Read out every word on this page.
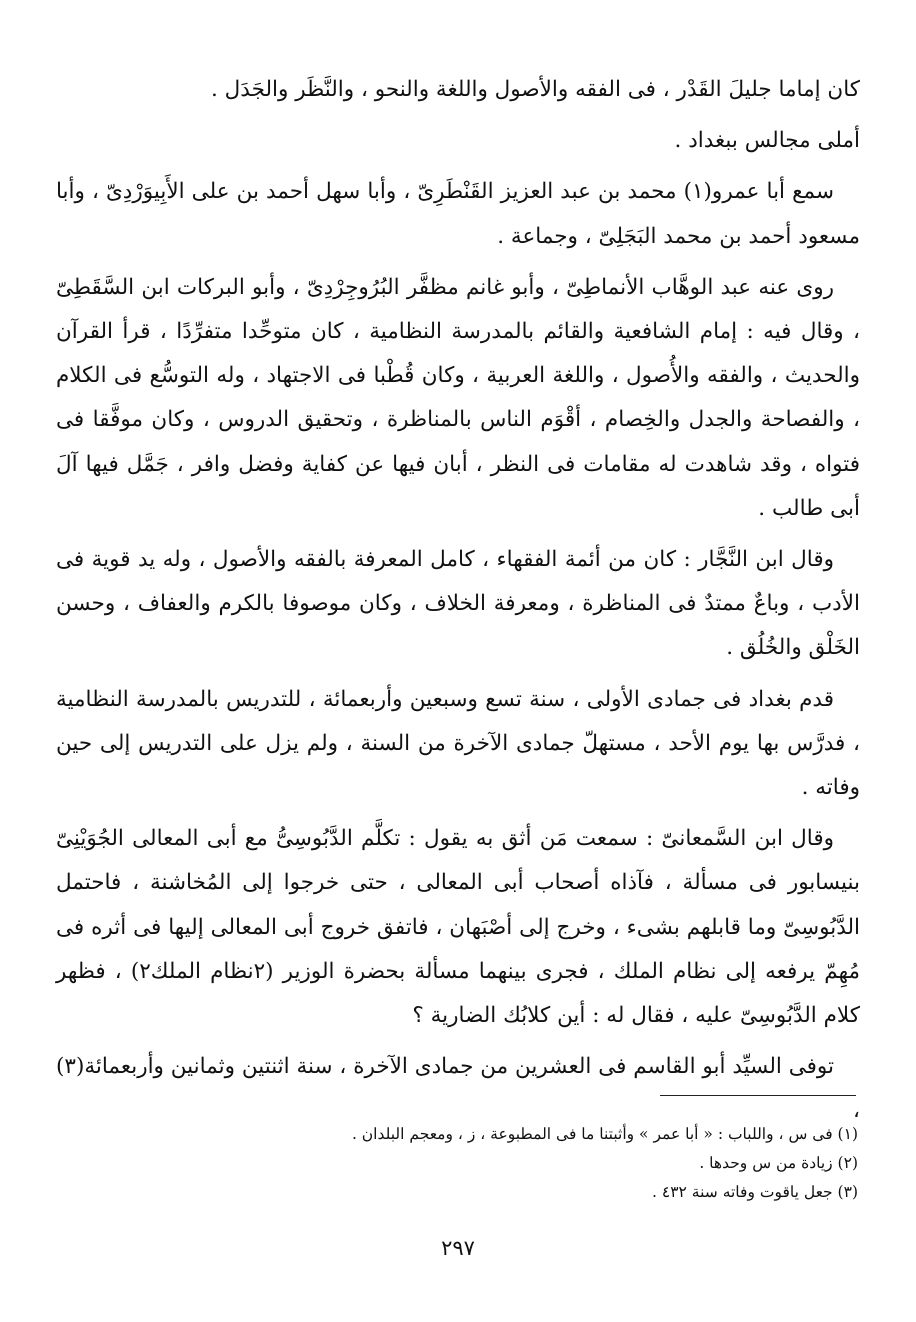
كان إماما جليلَ القَدْر ، فى الفقه والأصول واللغة والنحو ، والنَّظَر والجَدَل .

أملى مجالس ببغداد .

سمع أبا عمرو(١) محمد بن عبد العزيز القَنْطَرِىّ ، وأبا سهل أحمد بن على الأَبِيوَرْدِىّ ، وأبا مسعود أحمد بن محمد البَجَلِىّ ، وجماعة .

روى عنه عبد الوهَّاب الأنماطِىّ ، وأبو غانم مظفَّر البُرُوجِرْدِىّ ، وأبو البركات ابن السَّقَطِىّ ، وقال فيه : إمام الشافعية والقائم بالمدرسة النظامية ، كان متوحِّدا متفرِّدًا ، قرأ القرآن والحديث ، والفقه والأُصول ، واللغة العربية ، وكان قُطْبا فى الاجتهاد ، وله التوسُّع فى الكلام ، والفصاحة والجدل والخِصام ، أقْوَم الناس بالمناظرة ، وتحقيق الدروس ، وكان موفَّقا فى فتواه ، وقد شاهدت له مقامات فى النظر ، أبان فيها عن كفاية وفضل وافر ، جَمَّل فيها آلَ أبى طالب .

وقال ابن النَّجَّار : كان من أئمة الفقهاء ، كامل المعرفة بالفقه والأصول ، وله يد قوية فى الأدب ، وباعٌ ممتدٌ فى المناظرة ، ومعرفة الخلاف ، وكان موصوفا بالكرم والعفاف ، وحسن الخَلْق والخُلُق .

قدم بغداد فى جمادى الأولى ، سنة تسع وسبعين وأربعمائة ، للتدريس بالمدرسة النظامية ، فدرَّس بها يوم الأحد ، مستهلّ جمادى الآخرة من السنة ، ولم يزل على التدريس إلى حين وفاته .

وقال ابن السَّمعانىّ : سمعت مَن أثق به يقول : تكلَّم الدَّبُوسِىُّ مع أبى المعالى الجُوَيْنِىّ بنيسابور فى مسألة ، فآذاه أصحاب أبى المعالى ، حتى خرجوا إلى المُخاشنة ، فاحتمل الدَّبُوسِىّ وما قابلهم بشىء ، وخرج إلى أصْبَهان ، فاتفق خروج أبى المعالى إليها فى أثره فى مُهِمّ يرفعه إلى نظام الملك ، فجرى بينهما مسألة بحضرة الوزير (٢نظام الملك٢) ، فظهر كلام الدَّبُوسِىّ عليه ، فقال له : أين كلابُك الضارية ؟

توفى السيِّد أبو القاسم فى العشرين من جمادى الآخرة ، سنة اثنتين وثمانين وأربعمائة(٣) ،

(١) فى س ، واللباب : « أبا عمر » وأثبتنا ما فى المطبوعة ، ز ، ومعجم البلدان .

(٢) زيادة من س وحدها .

(٣) جعل ياقوت وفاته سنة ٤٣٢ .

٢٩٧
